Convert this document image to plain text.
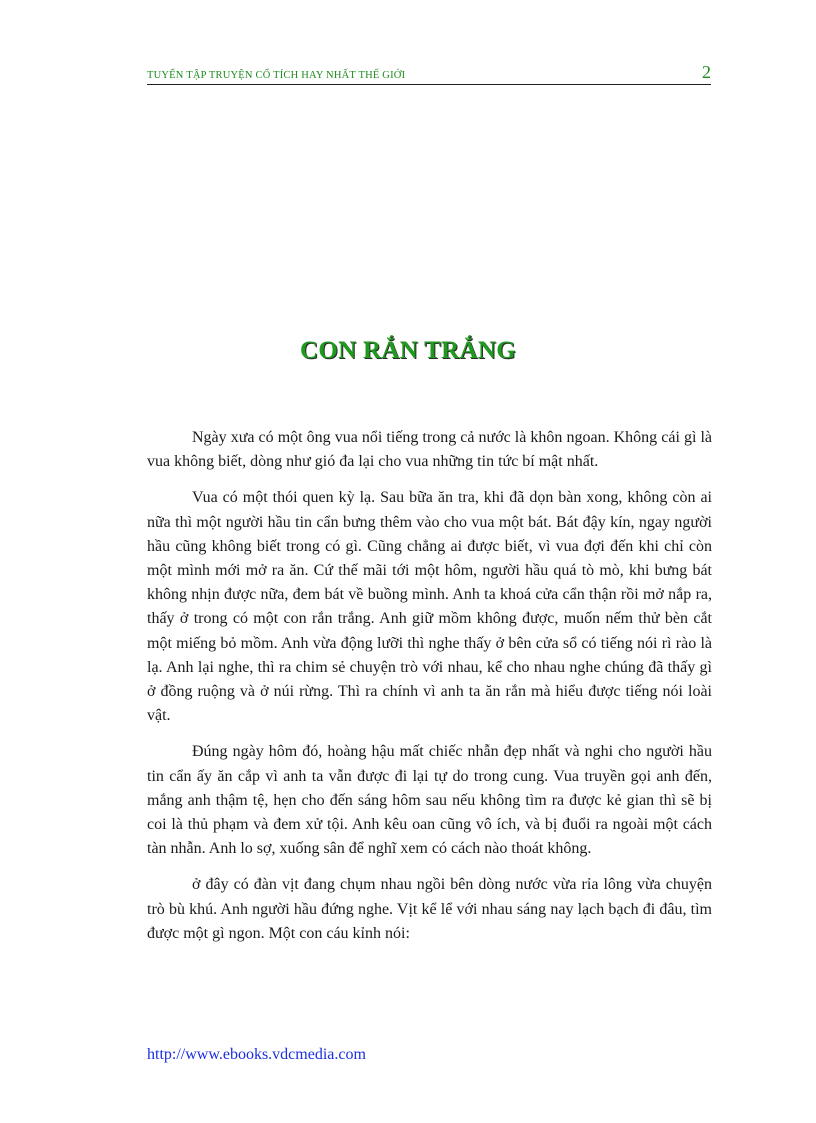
TUYỂN TẬP TRUYỆN CỔ TÍCH HAY NHẤT THẾ GIỚI	2
CON RẮN TRẮNG

Ngày xưa có một ông vua nổi tiếng trong cả nước là khôn ngoan. Không cái gì là vua không biết, dòng như gió đa lại cho vua những tin tức bí mật nhất.

Vua có một thói quen kỳ lạ. Sau bữa ăn tra, khi đã dọn bàn xong, không còn ai nữa thì một người hầu tin cẩn bưng thêm vào cho vua một bát. Bát đậy kín, ngay người hầu cũng không biết trong có gì. Cũng chẳng ai được biết, vì vua đợi đến khi chỉ còn một mình mới mở ra ăn. Cứ thế mãi tới một hôm, người hầu quá tò mò, khi bưng bát không nhịn được nữa, đem bát về buồng mình. Anh ta khoá cửa cẩn thận rồi mở nắp ra, thấy ở trong có một con rắn trắng. Anh giữ mồm không được, muốn nếm thử bèn cắt một miếng bỏ mồm. Anh vừa động lưỡi thì nghe thấy ở bên cửa sổ có tiếng nói rì rào là lạ. Anh lại nghe, thì ra chim sẻ chuyện trò với nhau, kể cho nhau nghe chúng đã thấy gì ở đồng ruộng và ở núi rừng. Thì ra chính vì anh ta ăn rắn mà hiểu được tiếng nói loài vật.

Đúng ngày hôm đó, hoàng hậu mất chiếc nhẫn đẹp nhất và nghi cho người hầu tin cẩn ấy ăn cắp vì anh ta vẫn được đi lại tự do trong cung. Vua truyền gọi anh đến, mắng anh thậm tệ, hẹn cho đến sáng hôm sau nếu không tìm ra được kẻ gian thì sẽ bị coi là thủ phạm và đem xử tội. Anh kêu oan cũng vô ích, và bị đuổi ra ngoài một cách tàn nhẫn. Anh lo sợ, xuống sân để nghĩ xem có cách nào thoát không.

ở đây có đàn vịt đang chụm nhau ngồi bên dòng nước vừa rỉa lông vừa chuyện trò bù khú. Anh người hầu đứng nghe. Vịt kể lể với nhau sáng nay lạch bạch đi đâu, tìm được một gì ngon. Một con cáu kỉnh nói:

http://www.ebooks.vdcmedia.com
